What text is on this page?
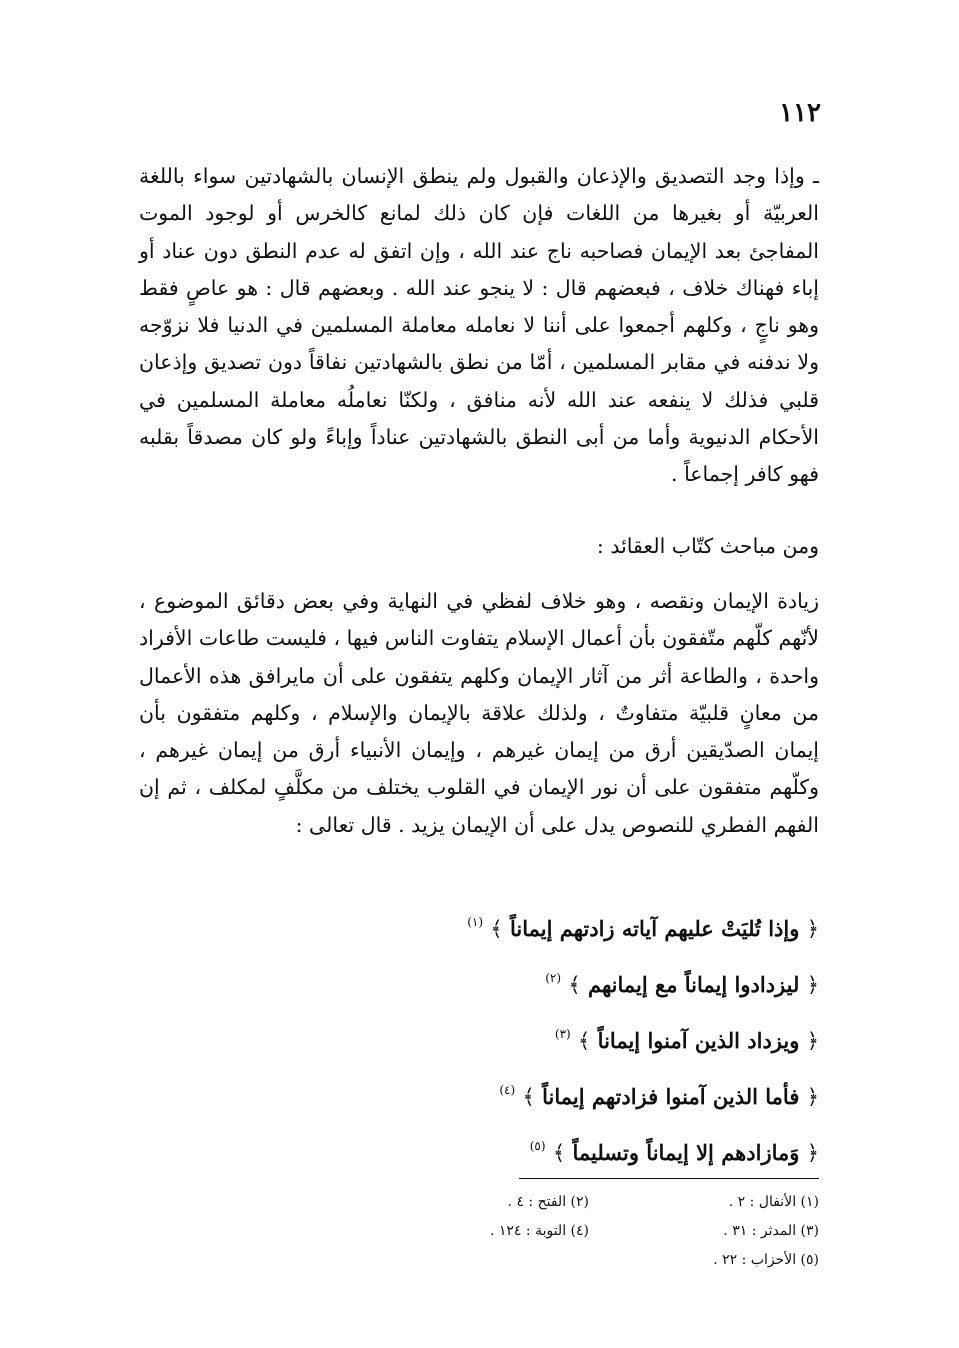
١١٢

ـ وإذا وجد التصديق والإذعان والقبول ولم ينطق الإنسان بالشهادتين سواء باللغة العربيّة أو بغيرها من اللغات فإن كان ذلك لمانع كالخرس أو لوجود الموت المفاجئ بعد الإيمان فصاحبه ناج عند الله ، وإن اتفق له عدم النطق دون عناد أو إباء فهناك خلاف ، فبعضهم قال : لا ينجو عند الله . وبعضهم قال : هو عاصٍ فقط وهو ناجٍ ، وكلهم أجمعوا على أننا لا نعامله معاملة المسلمين في الدنيا فلا نزوّجه ولا ندفنه في مقابر المسلمين ، أمّا من نطق بالشهادتين نفاقاً دون تصديق وإذعان قلبي فذلك لا ينفعه عند الله لأنه منافق ، ولكنّا نعاملُه معاملة المسلمين في الأحكام الدنيوية وأما من أبى النطق بالشهادتين عناداً وإباءً ولو كان مصدقاً بقلبه فهو كافر إجماعاً .

ومن مباحث كتّاب العقائد :

زيادة الإيمان ونقصه ، وهو خلاف لفظي في النهاية وفي بعض دقائق الموضوع ، لأنّهم كلّهم متّفقون بأن أعمال الإسلام يتفاوت الناس فيها ، فليست طاعات الأفراد واحدة ، والطاعة أثر من آثار الإيمان وكلهم يتفقون على أن مايرافق هذه الأعمال من معانٍ قلبيّة متفاوتٌ ، ولذلك علاقة بالإيمان والإسلام ، وكلهم متفقون بأن إيمان الصدّيقين أرق من إيمان غيرهم ، وإيمان الأنبياء أرق من إيمان غيرهم ، وكلّهم متفقون على أن نور الإيمان في القلوب يختلف من مكلَّفٍ لمكلف ، ثم إن الفهم الفطري للنصوص يدل على أن الإيمان يزيد . قال تعالى :

﴿ وإذا تُليَتْ عليهم آياته زادتهم إيماناً ﴾ $^{(١)}$
﴿ ليزدادوا إيماناً مع إيمانهم ﴾ $^{(٢)}$
﴿ ويزداد الذين آمنوا إيماناً ﴾ $^{(٣)}$
﴿ فأما الذين آمنوا فزادتهم إيماناً ﴾ $^{(٤)}$
﴿ وَمازادهم إلا إيماناً وتسليماً ﴾ $^{(٥)}$
(١) الأنفال : ٢ .
(٢) الفتح : ٤ .
(٣) المدثر : ٣١ .
(٤) التوبة : ١٢٤ .
(٥) الأحزاب : ٢٢ .
